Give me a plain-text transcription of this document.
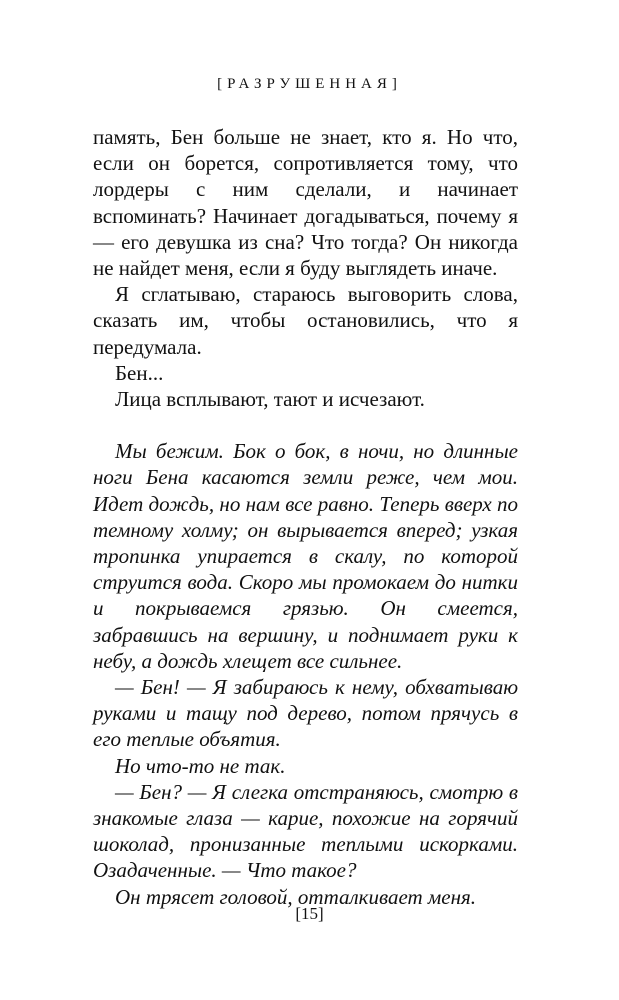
[РАЗРУШЕННАЯ]

память, Бен больше не знает, кто я. Но что, если он борется, сопротивляется тому, что лордеры с ним сделали, и начинает вспоминать? Начинает догадываться, почему я — его девушка из сна? Что тогда? Он никогда не найдет меня, если я буду выглядеть иначе.

Я сглатываю, стараюсь выговорить слова, сказать им, чтобы остановились, что я передумала.

Бен...

Лица всплывают, тают и исчезают.

Мы бежим. Бок о бок, в ночи, но длинные ноги Бена касаются земли реже, чем мои. Идет дождь, но нам все равно. Теперь вверх по темному холму; он вырывается вперед; узкая тропинка упирается в скалу, по которой струится вода. Скоро мы промокаем до нитки и покрываемся грязью. Он смеется, забравшись на вершину, и поднимает руки к небу, а дождь хлещет все сильнее.

— Бен! — Я забираюсь к нему, обхватываю руками и тащу под дерево, потом прячусь в его теплые объятия.

Но что-то не так.

— Бен? — Я слегка отстраняюсь, смотрю в знакомые глаза — карие, похожие на горячий шоколад, пронизанные теплыми искорками. Озадаченные. — Что такое?

Он трясет головой, отталкивает меня.

[15]
